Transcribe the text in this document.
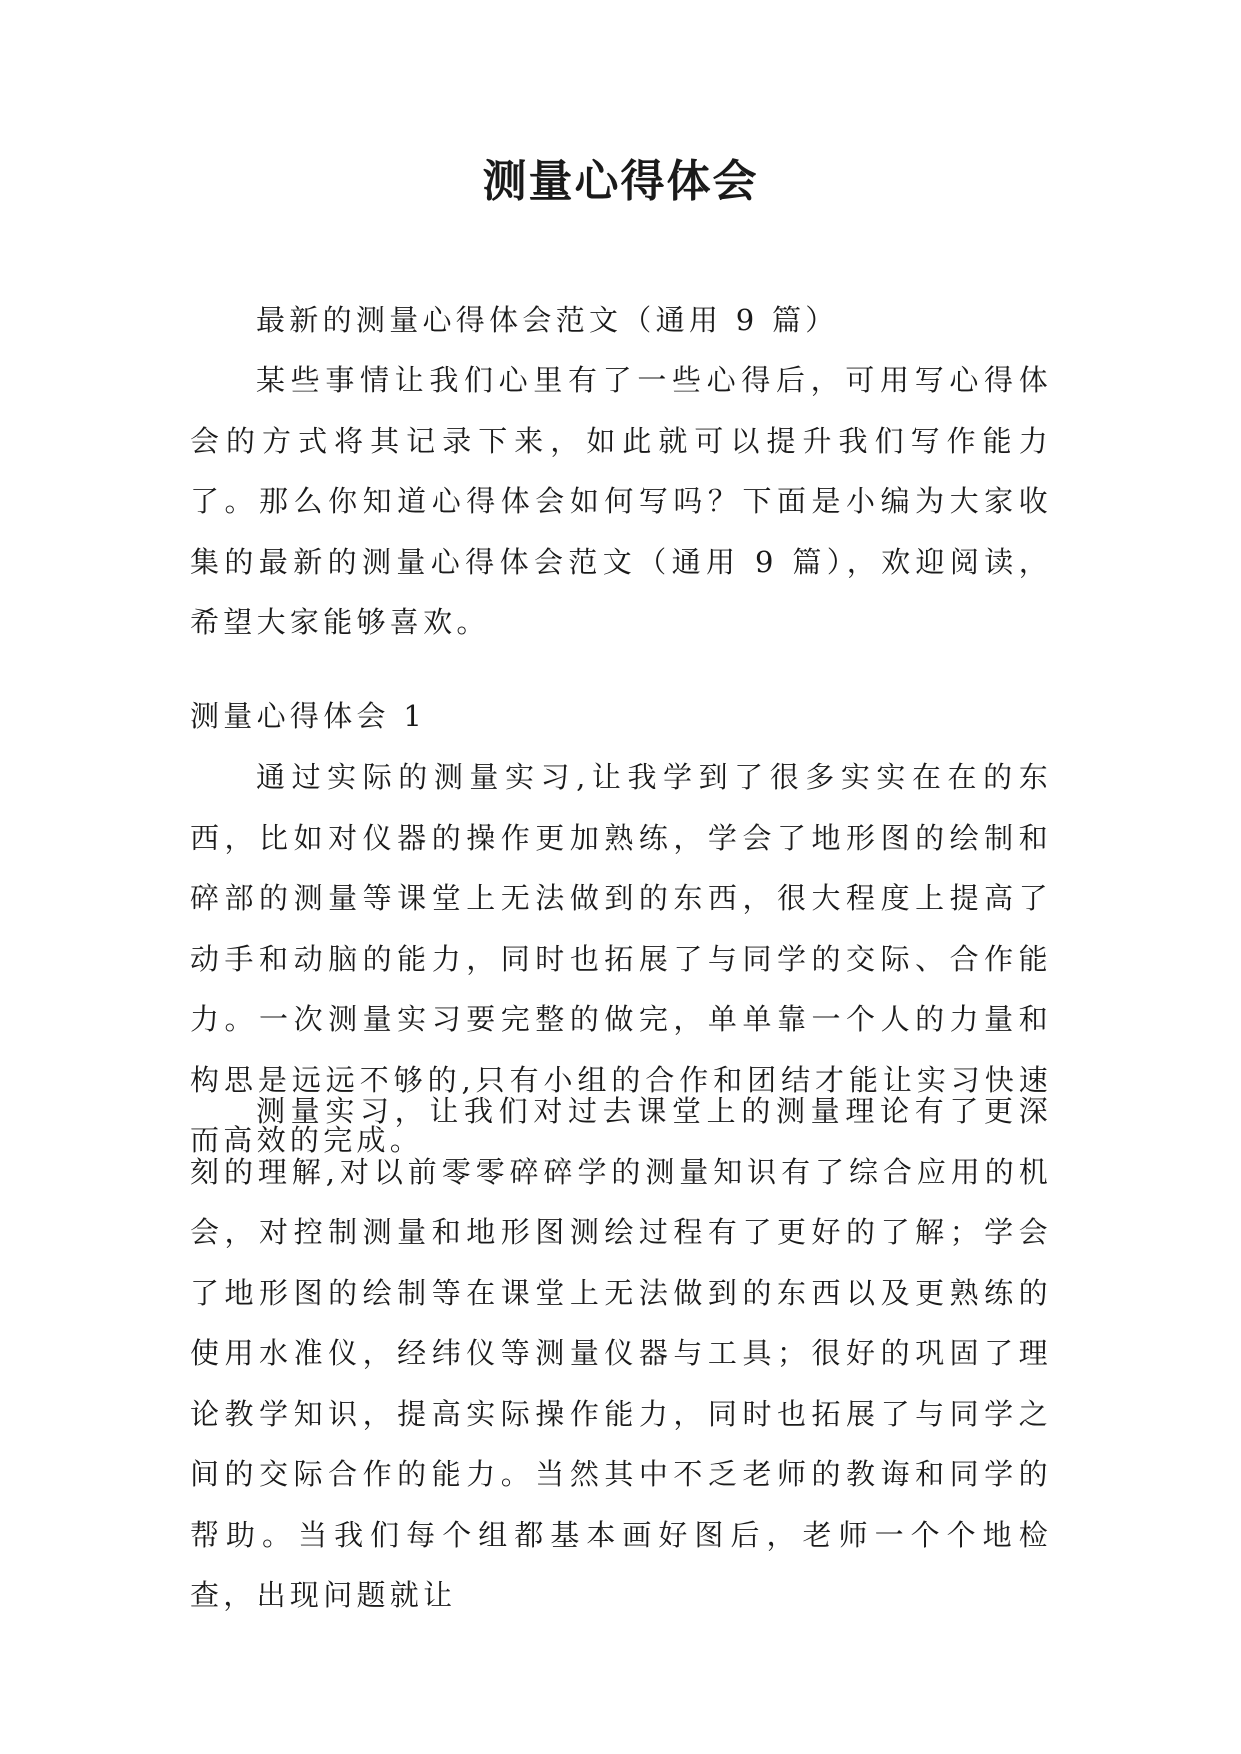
测量心得体会

最新的测量心得体会范文（通用 9 篇）

某些事情让我们心里有了一些心得后，可用写心得体会的方式将其记录下来，如此就可以提升我们写作能力了。那么你知道心得体会如何写吗？下面是小编为大家收集的最新的测量心得体会范文（通用 9 篇），欢迎阅读，希望大家能够喜欢。

测量心得体会 1

通过实际的测量实习,让我学到了很多实实在在的东西，比如对仪器的操作更加熟练，学会了地形图的绘制和碎部的测量等课堂上无法做到的东西，很大程度上提高了动手和动脑的能力，同时也拓展了与同学的交际、合作能力。一次测量实习要完整的做完，单单靠一个人的力量和构思是远远不够的,只有小组的合作和团结才能让实习快速而高效的完成。

测量实习，让我们对过去课堂上的测量理论有了更深刻的理解,对以前零零碎碎学的测量知识有了综合应用的机会，对控制测量和地形图测绘过程有了更好的了解；学会了地形图的绘制等在课堂上无法做到的东西以及更熟练的使用水准仪，经纬仪等测量仪器与工具；很好的巩固了理论教学知识，提高实际操作能力，同时也拓展了与同学之间的交际合作的能力。当然其中不乏老师的教诲和同学的帮助。当我们每个组都基本画好图后，老师一个个地检查，出现问题就让
